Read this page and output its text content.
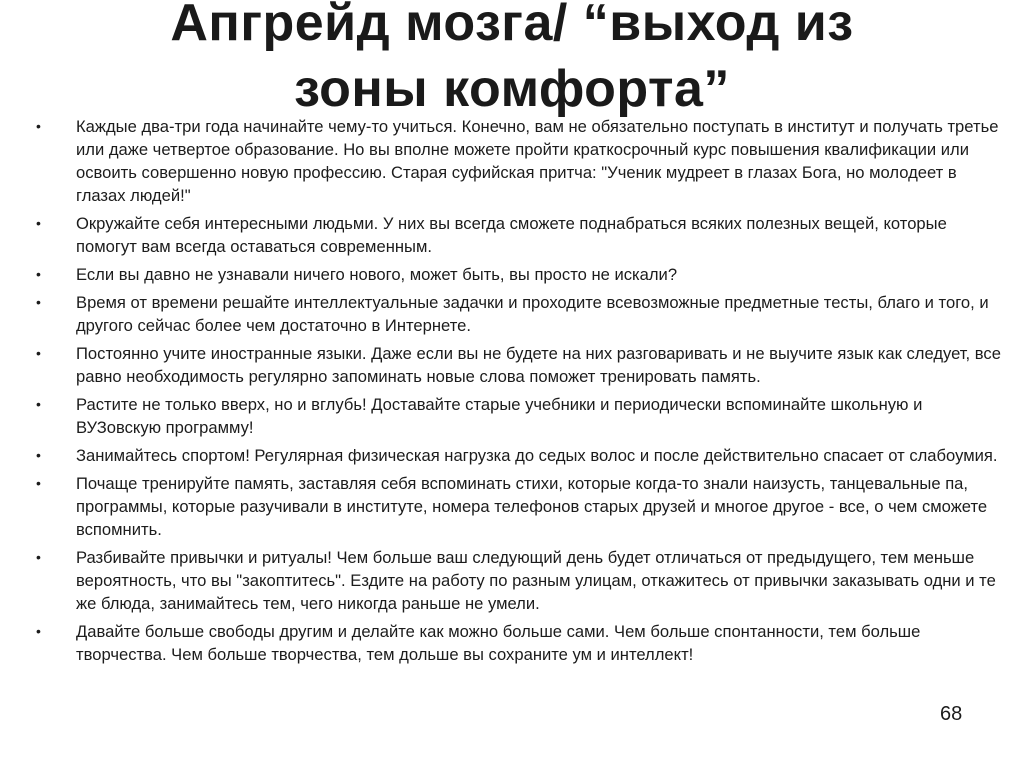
Апгрейд мозга/ “выход из
зоны комфорта”
•	Каждые два-три года начинайте чему-то учиться. Конечно, вам не обязательно поступать в институт и получать третье или даже четвертое образование. Но вы вполне можете пройти краткосрочный курс повышения квалификации или освоить совершенно новую профессию. Старая суфийская притча: "Ученик мудреет в глазах Бога, но молодеет в глазах людей!"
•	Окружайте себя интересными людьми. У них вы всегда сможете поднабраться всяких полезных вещей, которые помогут вам всегда оставаться современным.
•	Если вы давно не узнавали ничего нового, может быть, вы просто не искали?
•	Время от времени решайте интеллектуальные задачки и проходите всевозможные предметные тесты, благо и того, и другого сейчас более чем достаточно в Интернете.
•	Постоянно учите иностранные языки. Даже если вы не будете на них разговаривать и не выучите язык как следует, все равно необходимость регулярно запоминать новые слова поможет тренировать память.
•	Растите не только вверх, но и вглубь! Доставайте старые учебники и периодически вспоминайте школьную и ВУЗовскую программу!
•	Занимайтесь спортом! Регулярная физическая нагрузка до седых волос и после действительно спасает от слабоумия.
•	Почаще тренируйте память, заставляя себя вспоминать стихи, которые когда-то знали наизусть, танцевальные па, программы, которые разучивали в институте, номера телефонов старых друзей и многое другое - все, о чем сможете вспомнить.
•	Разбивайте привычки и ритуалы! Чем больше ваш следующий день будет отличаться от предыдущего, тем меньше вероятность, что вы "закоптитесь". Ездите на работу по разным улицам, откажитесь от привычки заказывать одни и те же блюда, занимайтесь тем, чего никогда раньше не умели.
•	Давайте больше свободы другим и делайте как можно больше сами. Чем больше спонтанности, тем больше творчества. Чем больше творчества, тем дольше вы сохраните ум и интеллект!
68
